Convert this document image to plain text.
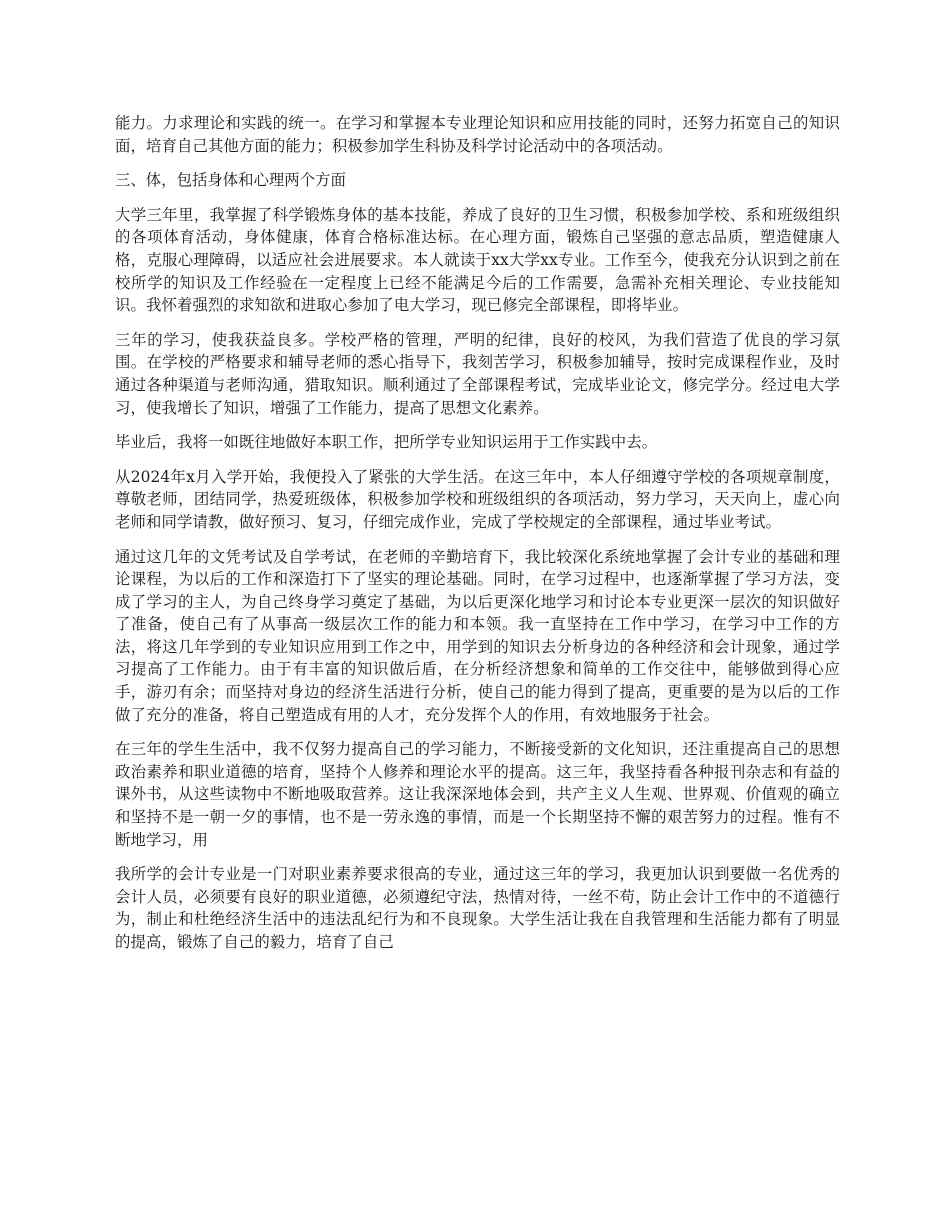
能力。力求理论和实践的统一。在学习和掌握本专业理论知识和应用技能的同时，还努力拓宽自己的知识面，培育自己其他方面的能力；积极参加学生科协及科学讨论活动中的各项活动。

三、体，包括身体和心理两个方面

大学三年里，我掌握了科学锻炼身体的基本技能，养成了良好的卫生习惯，积极参加学校、系和班级组织的各项体育活动，身体健康，体育合格标准达标。在心理方面，锻炼自己坚强的意志品质，塑造健康人格，克服心理障碍，以适应社会进展要求。本人就读于xx大学xx专业。工作至今，使我充分认识到之前在校所学的知识及工作经验在一定程度上已经不能满足今后的工作需要，急需补充相关理论、专业技能知识。我怀着强烈的求知欲和进取心参加了电大学习，现已修完全部课程，即将毕业。

三年的学习，使我获益良多。学校严格的管理，严明的纪律，良好的校风，为我们营造了优良的学习氛围。在学校的严格要求和辅导老师的悉心指导下，我刻苦学习，积极参加辅导，按时完成课程作业，及时通过各种渠道与老师沟通，猎取知识。顺利通过了全部课程考试，完成毕业论文，修完学分。经过电大学习，使我增长了知识，增强了工作能力，提高了思想文化素养。

毕业后，我将一如既往地做好本职工作，把所学专业知识运用于工作实践中去。

从2024年x月入学开始，我便投入了紧张的大学生活。在这三年中，本人仔细遵守学校的各项规章制度，尊敬老师，团结同学，热爱班级体，积极参加学校和班级组织的各项活动，努力学习，天天向上，虚心向老师和同学请教，做好预习、复习，仔细完成作业，完成了学校规定的全部课程，通过毕业考试。

通过这几年的文凭考试及自学考试，在老师的辛勤培育下，我比较深化系统地掌握了会计专业的基础和理论课程，为以后的工作和深造打下了坚实的理论基础。同时，在学习过程中，也逐渐掌握了学习方法，变成了学习的主人，为自己终身学习奠定了基础，为以后更深化地学习和讨论本专业更深一层次的知识做好了准备，使自己有了从事高一级层次工作的能力和本领。我一直坚持在工作中学习，在学习中工作的方法，将这几年学到的专业知识应用到工作之中，用学到的知识去分析身边的各种经济和会计现象，通过学习提高了工作能力。由于有丰富的知识做后盾，在分析经济想象和简单的工作交往中，能够做到得心应手，游刃有余；而坚持对身边的经济生活进行分析，使自己的能力得到了提高，更重要的是为以后的工作做了充分的准备，将自己塑造成有用的人才，充分发挥个人的作用，有效地服务于社会。

在三年的学生生活中，我不仅努力提高自己的学习能力，不断接受新的文化知识，还注重提高自己的思想政治素养和职业道德的培育，坚持个人修养和理论水平的提高。这三年，我坚持看各种报刊杂志和有益的课外书，从这些读物中不断地吸取营养。这让我深深地体会到，共产主义人生观、世界观、价值观的确立和坚持不是一朝一夕的事情，也不是一劳永逸的事情，而是一个长期坚持不懈的艰苦努力的过程。惟有不断地学习，用

我所学的会计专业是一门对职业素养要求很高的专业，通过这三年的学习，我更加认识到要做一名优秀的会计人员，必须要有良好的职业道德，必须遵纪守法，热情对待，一丝不苟，防止会计工作中的不道德行为，制止和杜绝经济生活中的违法乱纪行为和不良现象。大学生活让我在自我管理和生活能力都有了明显的提高，锻炼了自己的毅力，培育了自己
